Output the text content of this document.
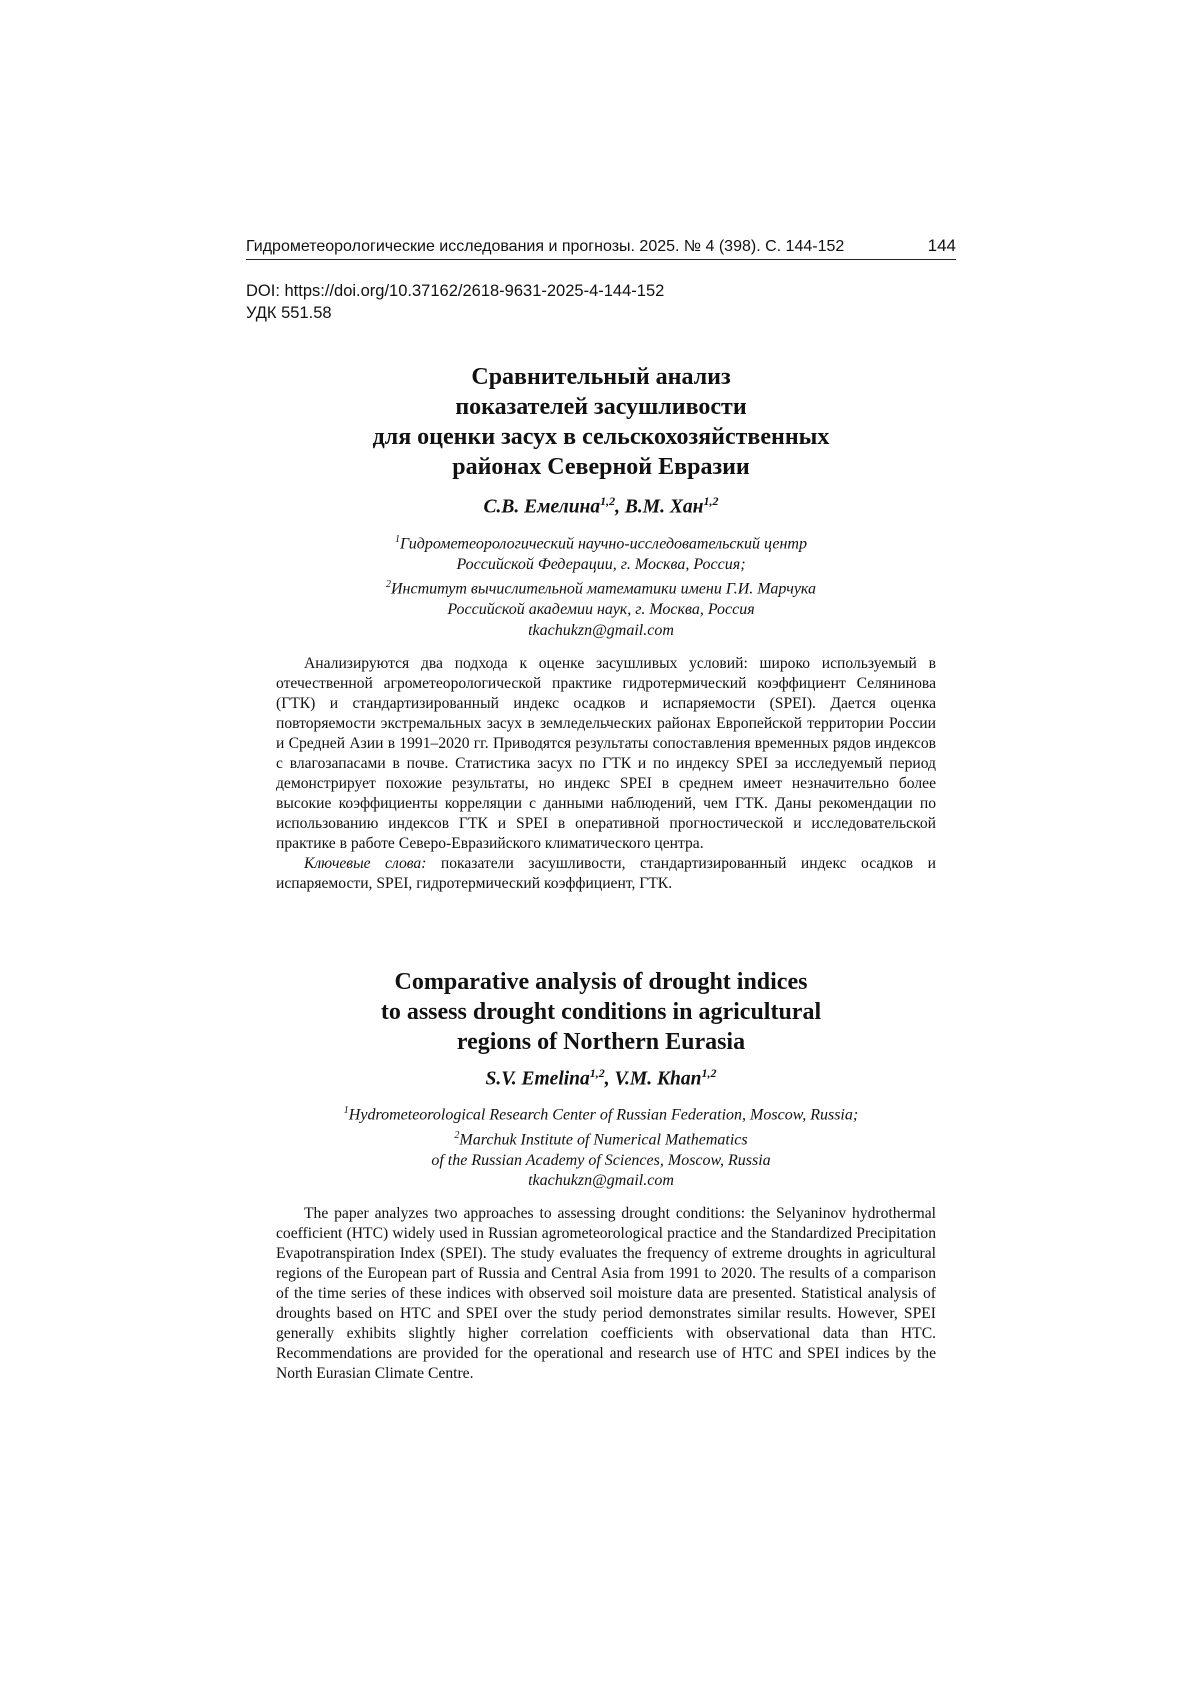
Гидрометеорологические исследования и прогнозы. 2025. № 4 (398). С. 144-152	144
DOI: https://doi.org/10.37162/2618-9631-2025-4-144-152
УДК 551.58
Сравнительный анализ
показателей засушливости
для оценки засух в сельскохозяйственных
районах Северной Евразии
С.В. Емелина$^{1,2}$, В.М. Хан$^{1,2}$
$^1$Гидрометеорологический научно-исследовательский центр
Российской Федерации, г. Москва, Россия;
$^2$Институт вычислительной математики имени Г.И. Марчука
Российской академии наук, г. Москва, Россия
tkachukzn@gmail.com

Анализируются два подхода к оценке засушливых условий: широко используемый в отечественной агрометеорологической практике гидротермический коэффициент Селянинова (ГТК) и стандартизированный индекс осадков и испаряемости (SPEI). Дается оценка повторяемости экстремальных засух в земледельческих районах Европейской территории России и Средней Азии в 1991–2020 гг. Приводятся результаты сопоставления временных рядов индексов с влагозапасами в почве. Статистика засух по ГТК и по индексу SPEI за исследуемый период демонстрирует похожие результаты, но индекс SPEI в среднем имеет незначительно более высокие коэффициенты корреляции с данными наблюдений, чем ГТК. Даны рекомендации по использованию индексов ГТК и SPEI в оперативной прогностической и исследовательской практике в работе Северо-Евразийского климатического центра.

Ключевые слова: показатели засушливости, стандартизированный индекс осадков и испаряемости, SPEI, гидротермический коэффициент, ГТК.

Comparative analysis of drought indices
to assess drought conditions in agricultural
regions of Northern Eurasia
S.V. Emelina$^{1,2}$, V.M. Khan$^{1,2}$
$^1$Hydrometeorological Research Center of Russian Federation, Moscow, Russia;
$^2$Marchuk Institute of Numerical Mathematics
of the Russian Academy of Sciences, Moscow, Russia
tkachukzn@gmail.com

The paper analyzes two approaches to assessing drought conditions: the Selyaninov hydrothermal coefficient (HTC) widely used in Russian agrometeorological practice and the Standardized Precipitation Evapotranspiration Index (SPEI). The study evaluates the frequency of extreme droughts in agricultural regions of the European part of Russia and Central Asia from 1991 to 2020. The results of a comparison of the time series of these indices with observed soil moisture data are presented. Statistical analysis of droughts based on HTC and SPEI over the study period demonstrates similar results. However, SPEI generally exhibits slightly higher correlation coefficients with observational data than HTC. Recommendations are provided for the operational and research use of HTC and SPEI indices by the North Eurasian Climate Centre.
